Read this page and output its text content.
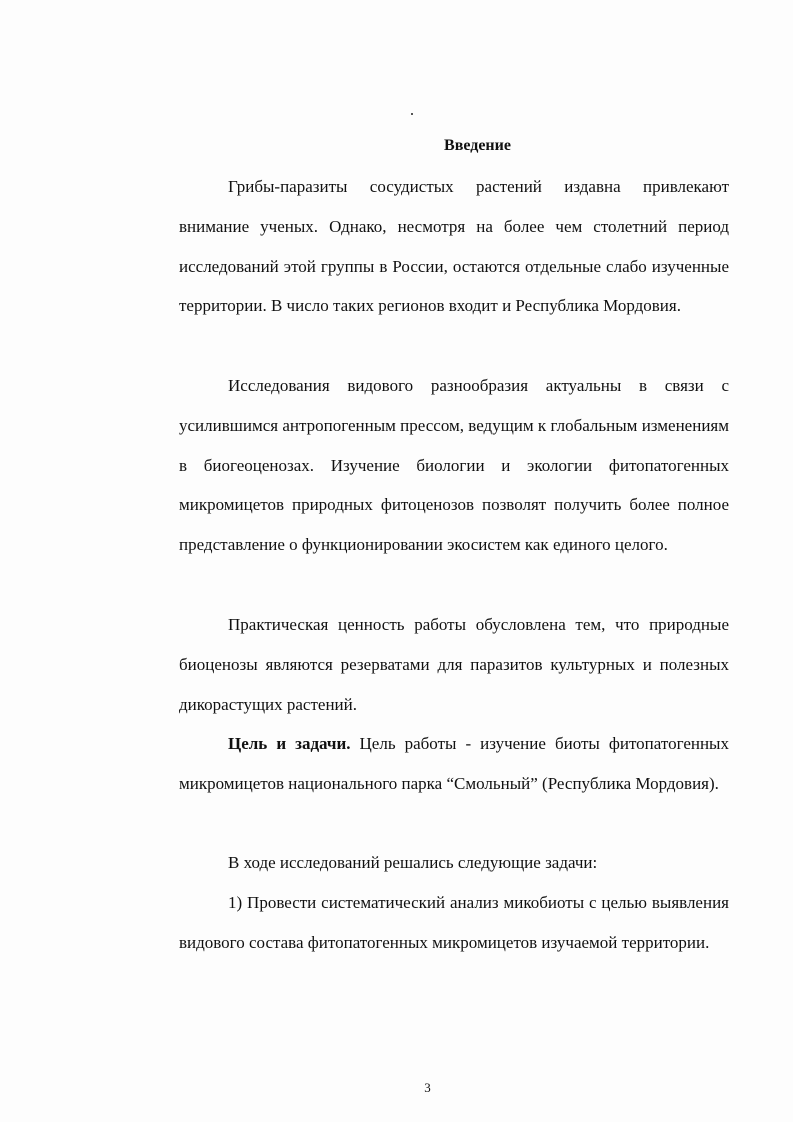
Введение

Грибы-паразиты сосудистых растений издавна привлекают внимание ученых. Однако, несмотря на более чем столетний период исследований этой группы в России, остаются отдельные слабо изученные территории. В число таких регионов входит и Республика Мордовия.

Исследования видового разнообразия актуальны в связи с усилившимся антропогенным прессом, ведущим к глобальным изменениям в биогеоценозах. Изучение биологии и экологии фитопатогенных микромицетов природных фитоценозов позволят получить более полное представление о функционировании экосистем как единого целого.

Практическая ценность работы обусловлена тем, что природные биоценозы являются резерватами для паразитов культурных и полезных дикорастущих растений.

Цель и задачи. Цель работы - изучение биоты фитопатогенных микромицетов национального парка “Смольный” (Республика Мордовия).

В ходе исследований решались следующие задачи:

1) Провести систематический анализ микобиоты с целью выявления видового состава фитопатогенных микромицетов изучаемой территории.

3
